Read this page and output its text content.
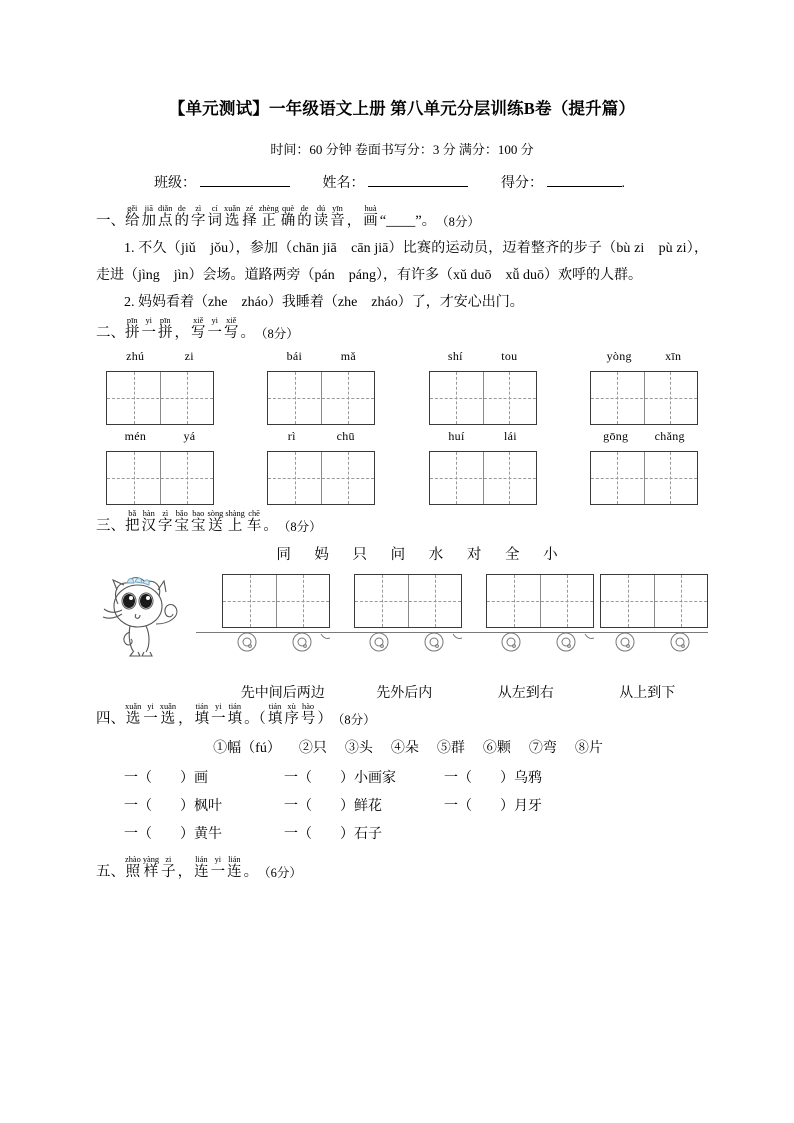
【单元测试】一年级语文上册 第八单元分层训练B卷（提升篇）
时间：60 分钟 卷面书写分：3 分 满分：100 分
班级：	姓名：	得分：	.
一、给gěi加jiā点diǎn的de字zì词cí选xuǎn择zé正zhèng确què的de读dú音yīn， 画huà“____”。（8分）

1. 不久（jiǔ　jǒu），参加（chān jiā　cān jiā）比赛的运动员，迈着整齐的步子（bù zi　pù zi），走进（jìng　jìn）会场。道路两旁（pán　páng），有许多（xǔ duō　xǚ duō）欢呼的人群。

2. 妈妈看着（zhe　zháo）我睡着（zhe　zháo）了，才安心出门。

二、拼pīn一yi拼pīn， 写xiě一yi写xiě。（8分）
zhú	zi	bái	mǎ	shí	tou	yòng	xīn
mén	yá	rì	chū	huí	lái	gōng chǎng
三、把bǎ汉hàn字zì宝bǎo宝bao送sòng上shàng车chē。（8分）
同 妈 只 问 水 对 全 小
先中间后两边	先外后内	从左到右	从上到下
四、选xuǎn一yi选xuǎn， 填tián一yi填tián。（ 填tián序xù号hào）（8分）
①幅（fú） ②只 ③头 ④朵 ⑤群 ⑥颗 ⑦弯 ⑧片
一（　　）画	一（　　）小画家	一（　　）乌鸦
一（　　）枫叶	一（　　）鲜花	一（　　）月牙
一（　　）黄牛	一（　　）石子
五、照zhào样yàng子zi， 连lián一yi连lián。（6分）
